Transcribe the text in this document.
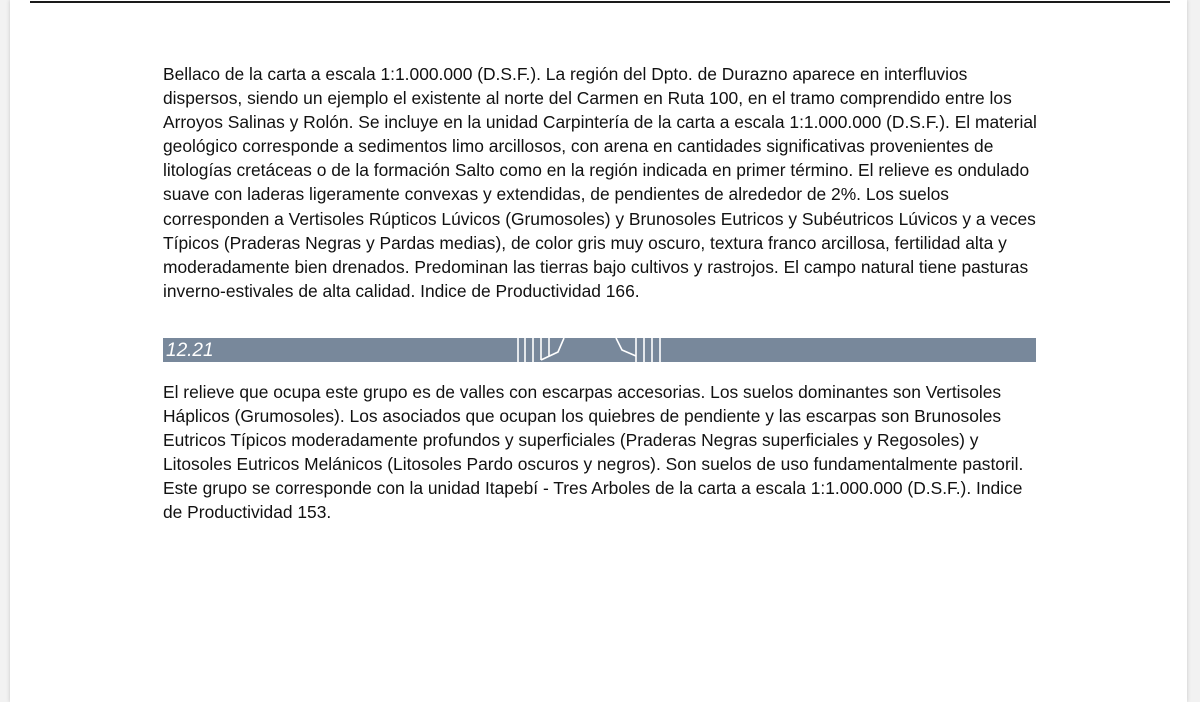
Bellaco de la carta a escala 1:1.000.000 (D.S.F.). La región del Dpto. de Durazno aparece en interfluvios dispersos, siendo un ejemplo el existente al norte del Carmen en Ruta 100, en el tramo comprendido entre los Arroyos Salinas y Rolón. Se incluye en la unidad Carpintería de la carta a escala 1:1.000.000 (D.S.F.). El material geológico corresponde a sedimentos limo arcillosos, con arena en cantidades significativas provenientes de litologías cretáceas o de la formación Salto como en la región indicada en primer término. El relieve es ondulado suave con laderas ligeramente convexas y extendidas, de pendientes de alrededor de 2%. Los suelos corresponden a Vertisoles Rúpticos Lúvicos (Grumosoles) y Brunosoles Eutricos y Subéutricos Lúvicos y a veces Típicos (Praderas Negras y Pardas medias), de color gris muy oscuro, textura franco arcillosa, fertilidad alta y moderadamente bien drenados. Predominan las tierras bajo cultivos y rastrojos. El campo natural tiene pasturas inverno-estivales de alta calidad. Indice de Productividad 166.

12.21

El relieve que ocupa este grupo es de valles con escarpas accesorias. Los suelos dominantes son Vertisoles Háplicos (Grumosoles). Los asociados que ocupan los quiebres de pendiente y las escarpas son Brunosoles Eutricos Típicos moderadamente profundos y superficiales (Praderas Negras superficiales y Regosoles) y Litosoles Eutricos Melánicos (Litosoles Pardo oscuros y negros). Son suelos de uso fundamentalmente pastoril. Este grupo se corresponde con la unidad Itapebí - Tres Arboles de la carta a escala 1:1.000.000 (D.S.F.). Indice de Productividad 153.
